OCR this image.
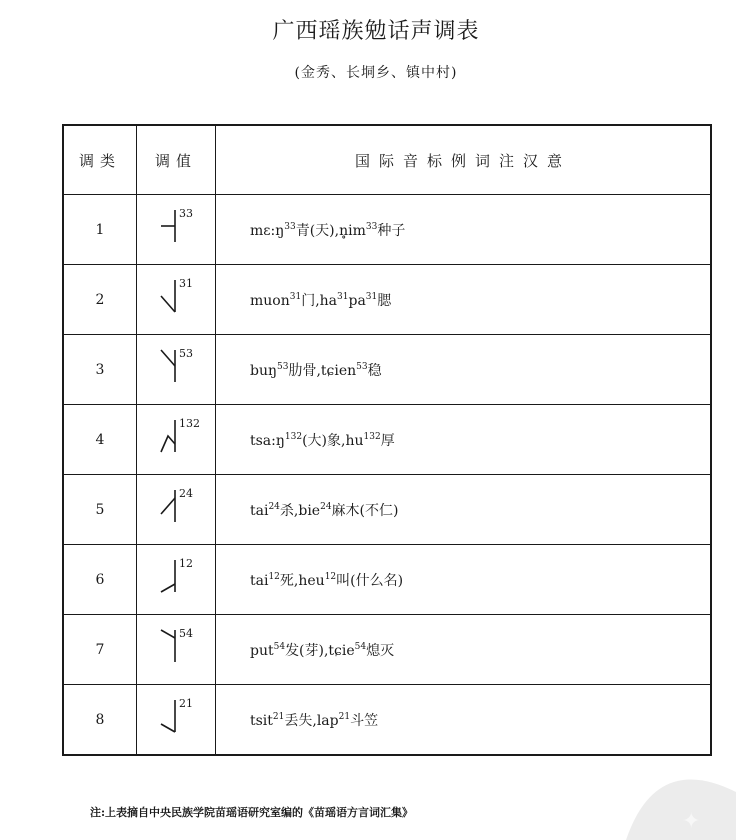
广西瑶族勉话声调表
(金秀、长垌乡、镇中村)
调类	调值	国际音标例词注汉意
1	33	$mɛ:ŋ^{33}$青(天)$,n̥im^{33}$种子
2	31	muon$^{31}$门$,ha^{31}pa^{31}$腮
3	53	buŋ$^{53}$肋骨,tɕien$^{53}$稳
4	132	$tsa:ŋ^{132}$(大)象$,hu^{132}$厚
5	24	tai$^{24}$杀,bie$^{24}$麻木(不仁)
6	12	tai$^{12}$死,heu$^{12}$叫(什么名)
7	54	put$^{54}$发(芽),tɕie$^{54}$熄灭
8	21	tsit$^{21}$丢失,lap$^{21}$斗笠
注:上表摘自中央民族学院苗瑶语研究室编的《苗瑶语方言词汇集》	✦
